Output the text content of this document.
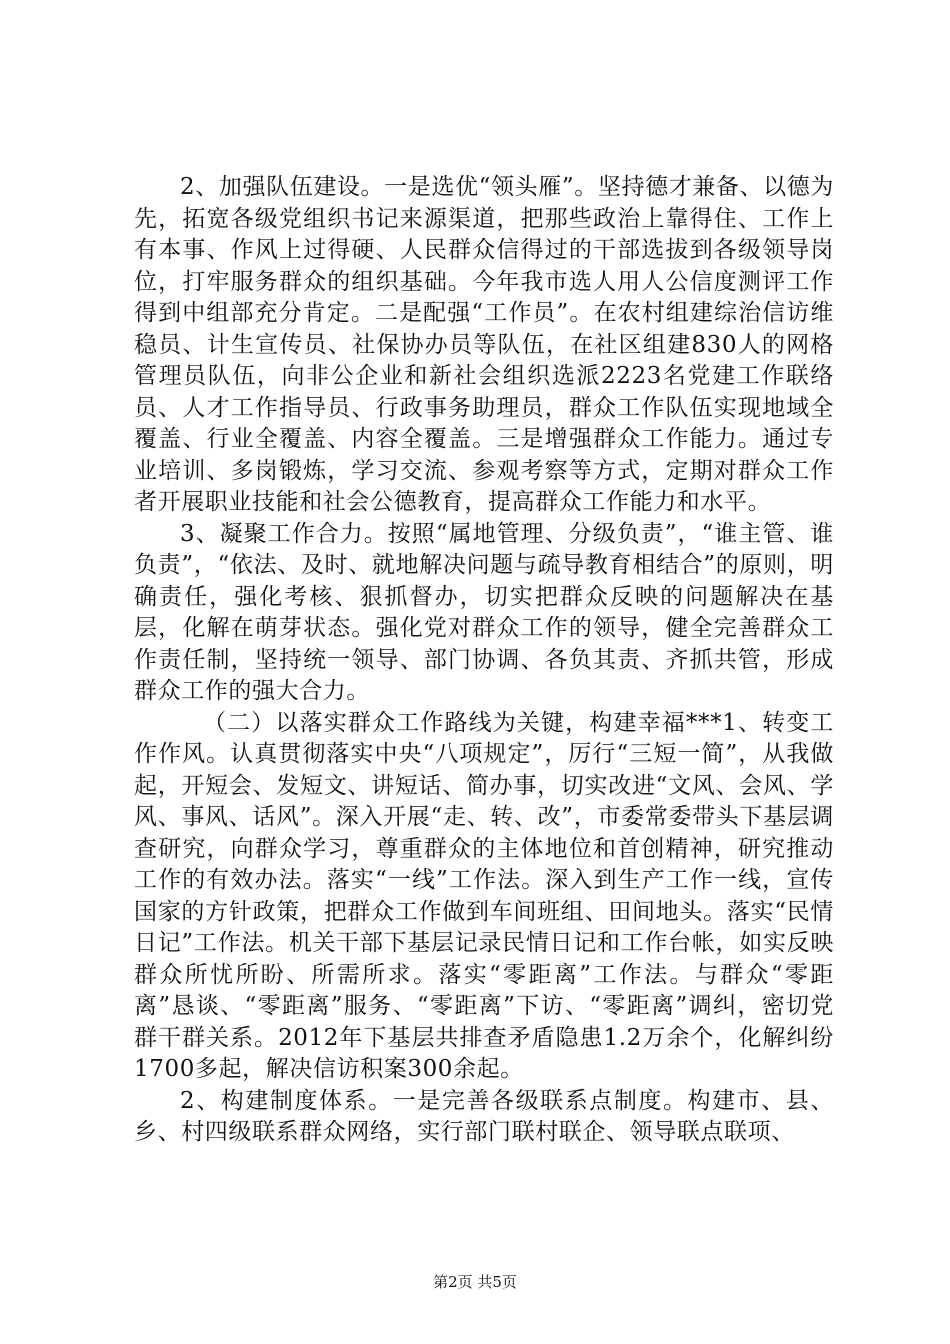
2、加强队伍建设。一是选优“领头雁”。坚持德才兼备、以德为先，拓宽各级党组织书记来源渠道，把那些政治上靠得住、工作上有本事、作风上过得硬、人民群众信得过的干部选拔到各级领导岗位，打牢服务群众的组织基础。今年我市选人用人公信度测评工作得到中组部充分肯定。二是配强“工作员”。在农村组建综治信访维稳员、计生宣传员、社保协办员等队伍，在社区组建830人的网格管理员队伍，向非公企业和新社会组织选派2223名党建工作联络员、人才工作指导员、行政事务助理员，群众工作队伍实现地域全覆盖、行业全覆盖、内容全覆盖。三是增强群众工作能力。通过专业培训、多岗锻炼，学习交流、参观考察等方式，定期对群众工作者开展职业技能和社会公德教育，提高群众工作能力和水平。

3、凝聚工作合力。按照“属地管理、分级负责”，“谁主管、谁负责”，“依法、及时、就地解决问题与疏导教育相结合”的原则，明确责任，强化考核、狠抓督办，切实把群众反映的问题解决在基层，化解在萌芽状态。强化党对群众工作的领导，健全完善群众工作责任制，坚持统一领导、部门协调、各负其责、齐抓共管，形成群众工作的强大合力。

（二）以落实群众工作路线为关键，构建幸福***1、转变工作作风。认真贯彻落实中央“八项规定”，厉行“三短一简”，从我做起，开短会、发短文、讲短话、简办事，切实改进“文风、会风、学风、事风、话风”。深入开展“走、转、改”，市委常委带头下基层调查研究，向群众学习，尊重群众的主体地位和首创精神，研究推动工作的有效办法。落实“一线”工作法。深入到生产工作一线，宣传国家的方针政策，把群众工作做到车间班组、田间地头。落实“民情日记”工作法。机关干部下基层记录民情日记和工作台帐，如实反映群众所忧所盼、所需所求。落实“零距离”工作法。与群众“零距离”恳谈、“零距离”服务、“零距离”下访、“零距离”调纠，密切党群干群关系。2012年下基层共排查矛盾隐患1.2万余个，化解纠纷1700多起，解决信访积案300余起。

2、构建制度体系。一是完善各级联系点制度。构建市、县、乡、村四级联系群众网络，实行部门联村联企、领导联点联项、

第2页 共5页
